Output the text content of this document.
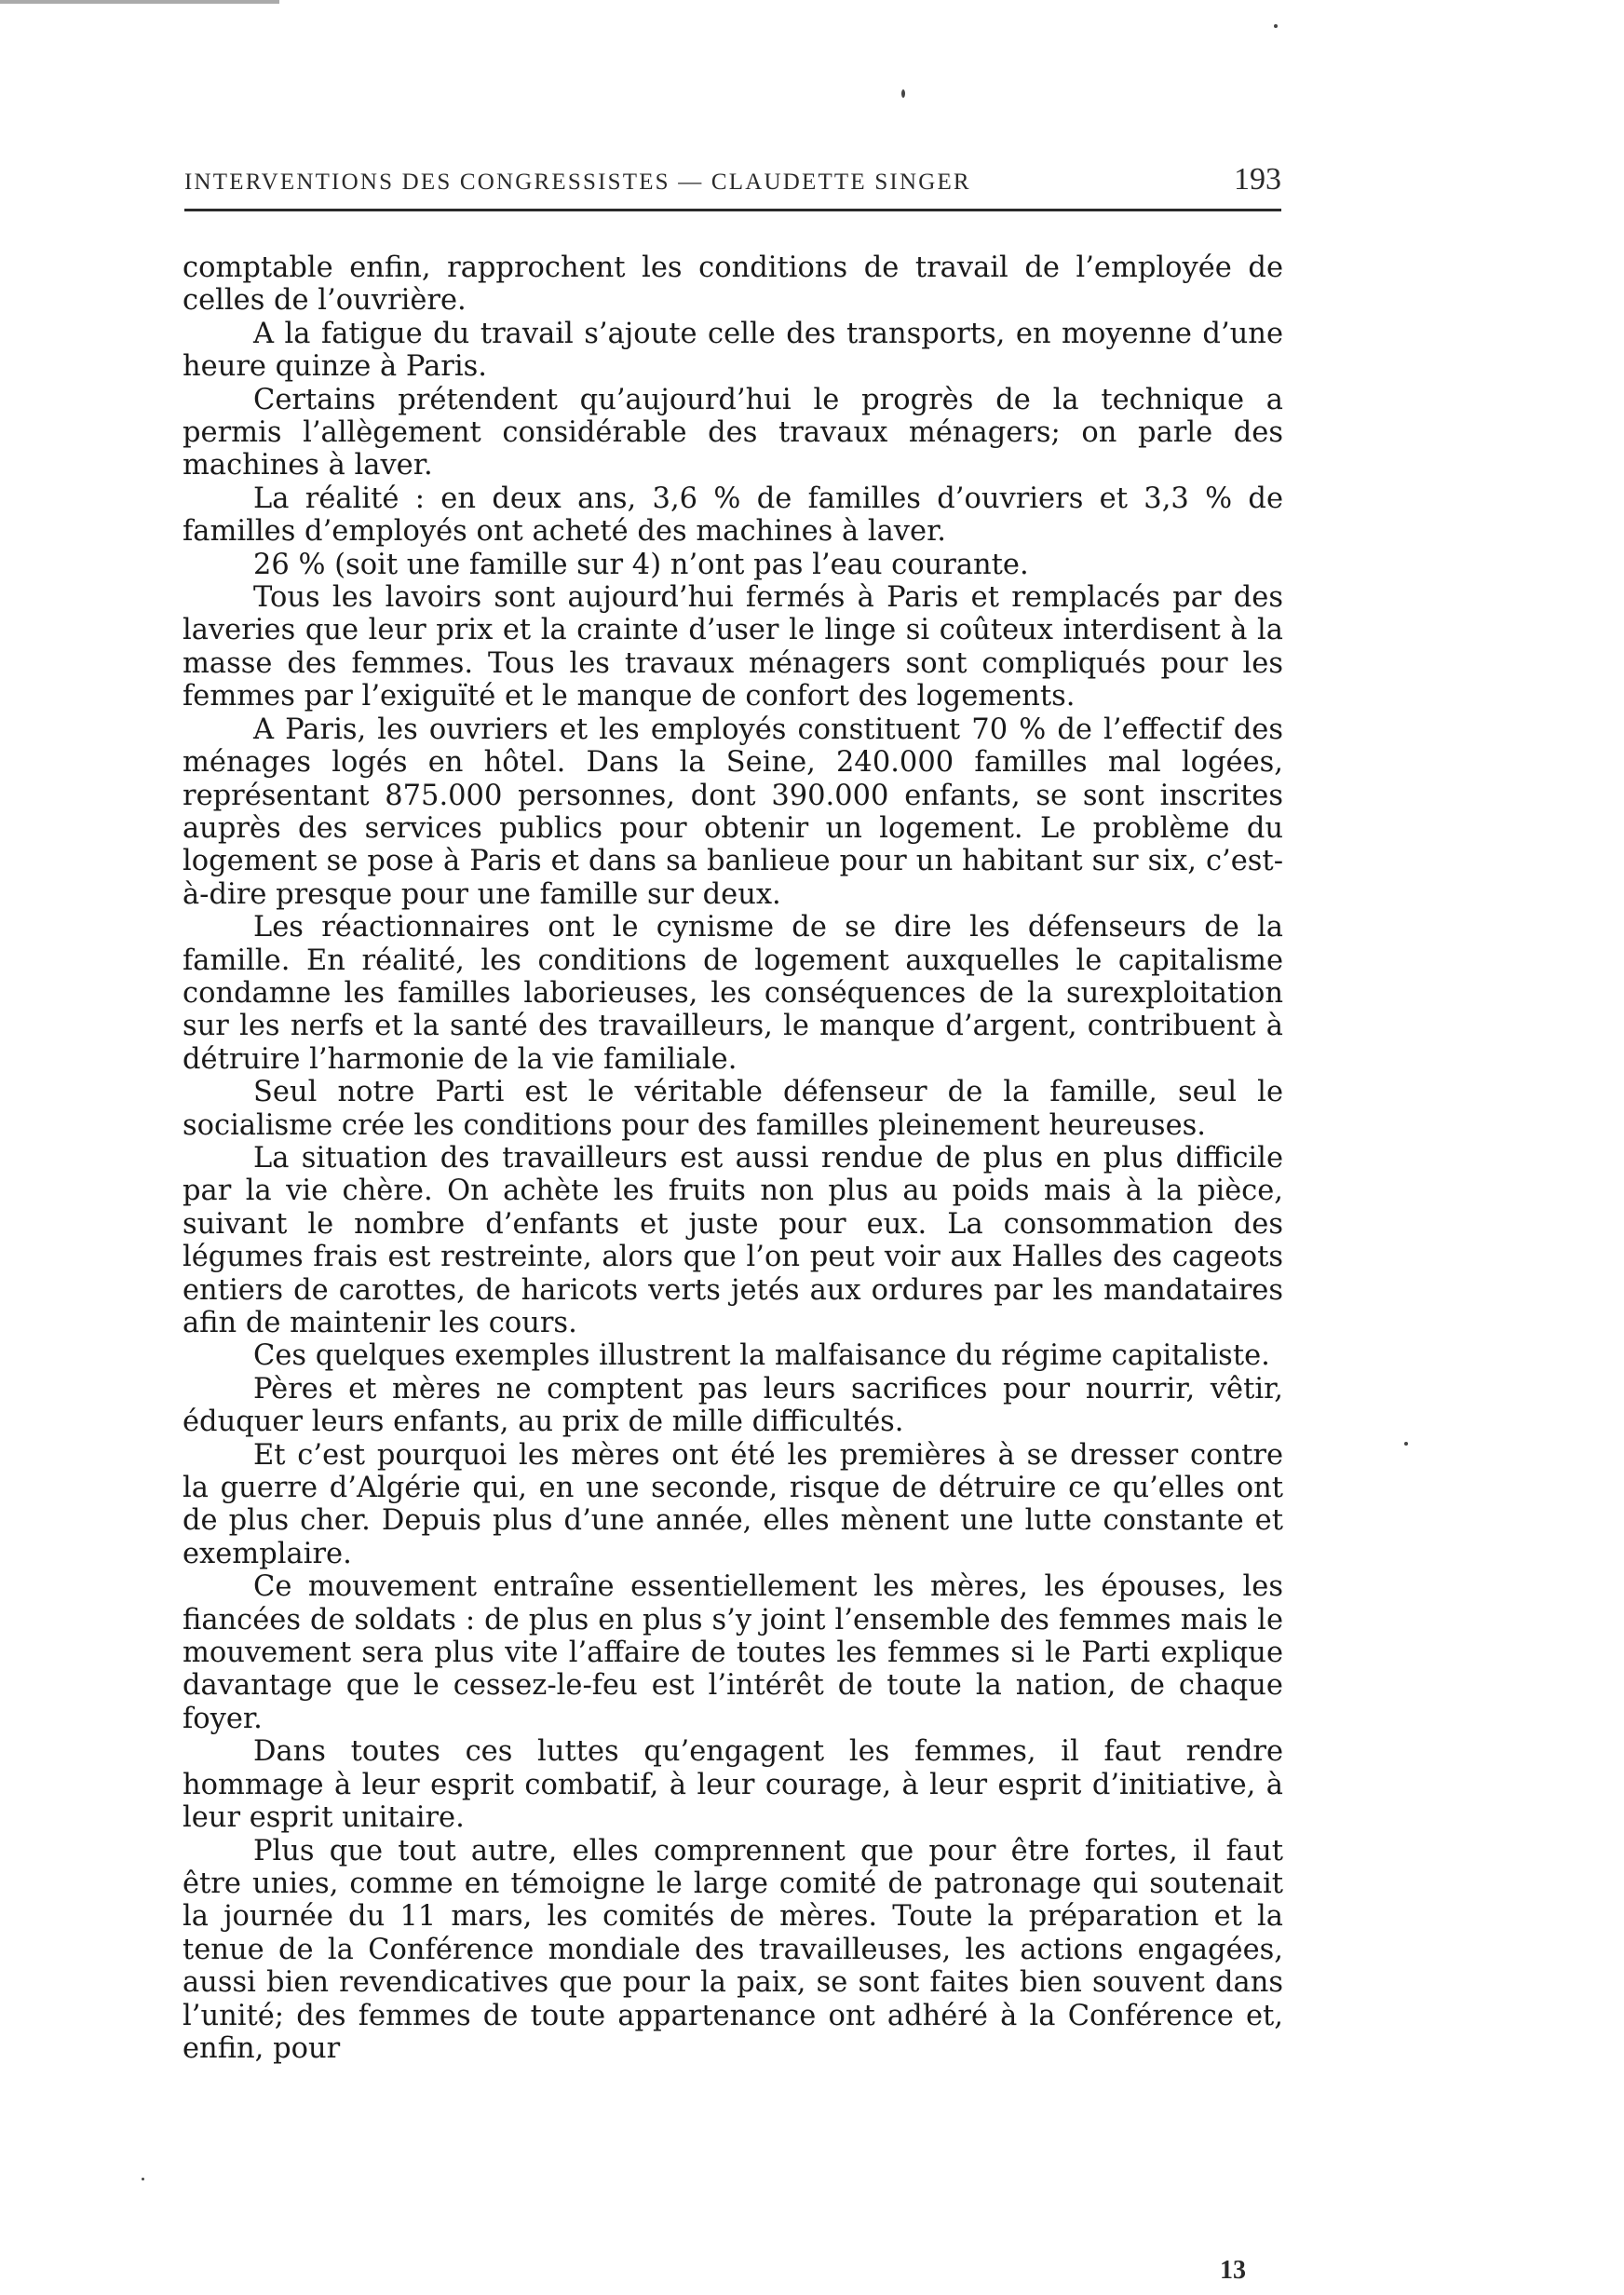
INTERVENTIONS DES CONGRESSISTES — CLAUDETTE SINGER	193

comptable enfin, rapprochent les conditions de travail de l’employée de celles de l’ouvrière.

A la fatigue du travail s’ajoute celle des transports, en moyenne d’une heure quinze à Paris.

Certains prétendent qu’aujourd’hui le progrès de la technique a permis l’allègement considérable des travaux ménagers; on parle des machines à laver.

La réalité : en deux ans, 3,6 % de familles d’ouvriers et 3,3 % de familles d’employés ont acheté des machines à laver.

26 % (soit une famille sur 4) n’ont pas l’eau courante.

Tous les lavoirs sont aujourd’hui fermés à Paris et remplacés par des laveries que leur prix et la crainte d’user le linge si coûteux interdisent à la masse des femmes. Tous les travaux ménagers sont compliqués pour les femmes par l’exiguïté et le manque de confort des logements.

A Paris, les ouvriers et les employés constituent 70 % de l’effectif des ménages logés en hôtel. Dans la Seine, 240.000 familles mal logées, représentant 875.000 personnes, dont 390.000 enfants, se sont inscrites auprès des services publics pour obtenir un logement. Le problème du logement se pose à Paris et dans sa banlieue pour un habitant sur six, c’est-à-dire presque pour une famille sur deux.

Les réactionnaires ont le cynisme de se dire les défenseurs de la famille. En réalité, les conditions de logement auxquelles le capitalisme condamne les familles laborieuses, les conséquences de la surexploitation sur les nerfs et la santé des travailleurs, le manque d’argent, contribuent à détruire l’harmonie de la vie familiale.

Seul notre Parti est le véritable défenseur de la famille, seul le socialisme crée les conditions pour des familles pleinement heureuses.

La situation des travailleurs est aussi rendue de plus en plus difficile par la vie chère. On achète les fruits non plus au poids mais à la pièce, suivant le nombre d’enfants et juste pour eux. La consommation des légumes frais est restreinte, alors que l’on peut voir aux Halles des cageots entiers de carottes, de haricots verts jetés aux ordures par les mandataires afin de maintenir les cours.

Ces quelques exemples illustrent la malfaisance du régime capitaliste.

Pères et mères ne comptent pas leurs sacrifices pour nourrir, vêtir, éduquer leurs enfants, au prix de mille difficultés.

Et c’est pourquoi les mères ont été les premières à se dresser contre la guerre d’Algérie qui, en une seconde, risque de détruire ce qu’elles ont de plus cher. Depuis plus d’une année, elles mènent une lutte constante et exemplaire.

Ce mouvement entraîne essentiellement les mères, les épouses, les fiancées de soldats : de plus en plus s’y joint l’ensemble des femmes mais le mouvement sera plus vite l’affaire de toutes les femmes si le Parti explique davantage que le cessez-le-feu est l’intérêt de toute la nation, de chaque foyer.

Dans toutes ces luttes qu’engagent les femmes, il faut rendre hommage à leur esprit combatif, à leur courage, à leur esprit d’initiative, à leur esprit unitaire.

Plus que tout autre, elles comprennent que pour être fortes, il faut être unies, comme en témoigne le large comité de patronage qui soutenait la journée du 11 mars, les comités de mères. Toute la préparation et la tenue de la Conférence mondiale des travailleuses, les actions engagées, aussi bien revendicatives que pour la paix, se sont faites bien souvent dans l’unité; des femmes de toute appartenance ont adhéré à la Conférence et, enfin, pour

13
